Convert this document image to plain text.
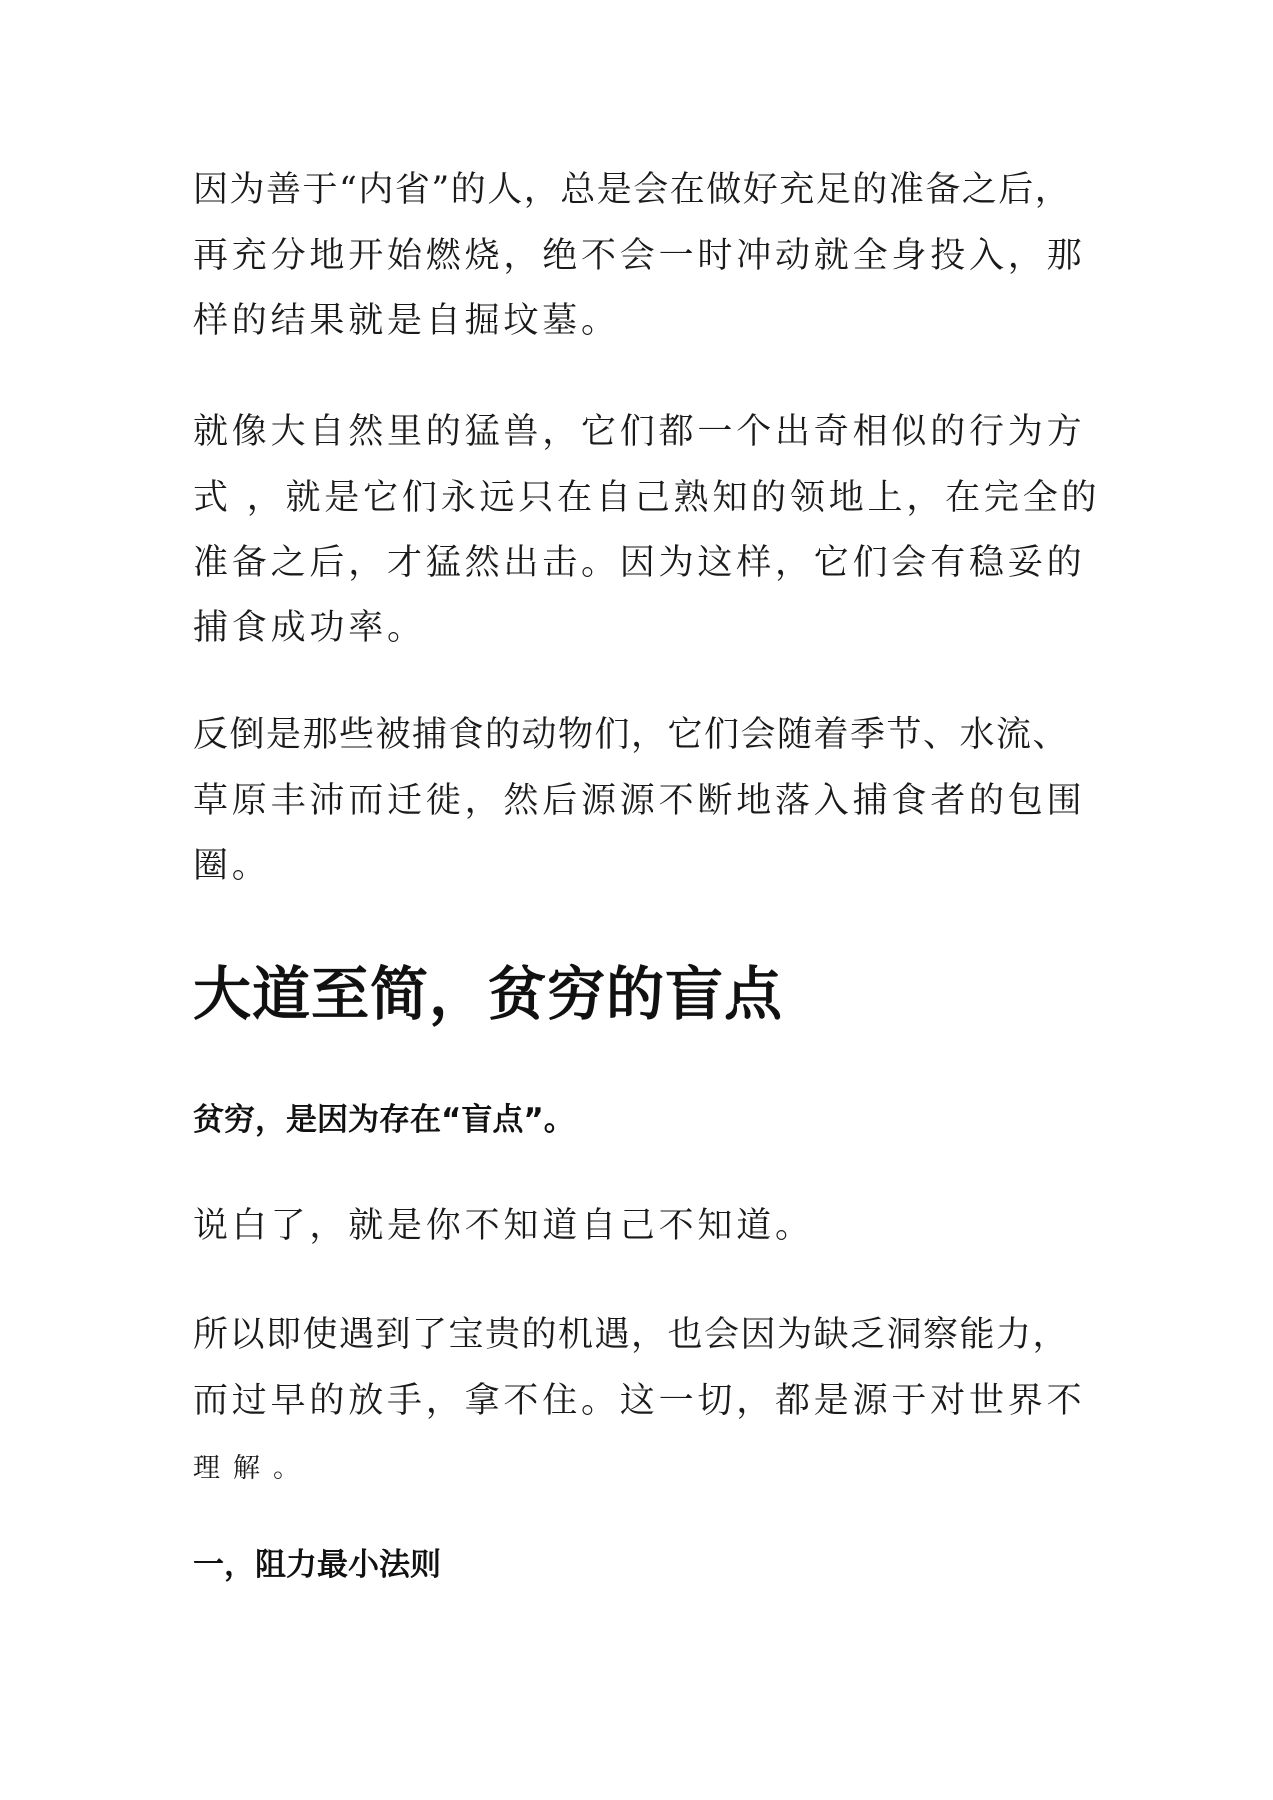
因为善于“内省”的人，总是会在做好充足的准备之后，
再充分地开始燃烧，绝不会一时冲动就全身投入，那
样的结果就是自掘坟墓。
就像大自然里的猛兽，它们都一个出奇相似的行为方
式 ，就是它们永远只在自己熟知的领地上，在完全的
准备之后，才猛然出击。因为这样，它们会有稳妥的
捕食成功率。
反倒是那些被捕食的动物们，它们会随着季节、水流、
草原丰沛而迁徙，然后源源不断地落入捕食者的包围
圈。
大道至简，贫穷的盲点
贫穷，是因为存在“盲点”。
说白了，就是你不知道自己不知道。
所以即使遇到了宝贵的机遇，也会因为缺乏洞察能力，
而过早的放手，拿不住。这一切，都是源于对世界不
理解。
一，阻力最小法则
